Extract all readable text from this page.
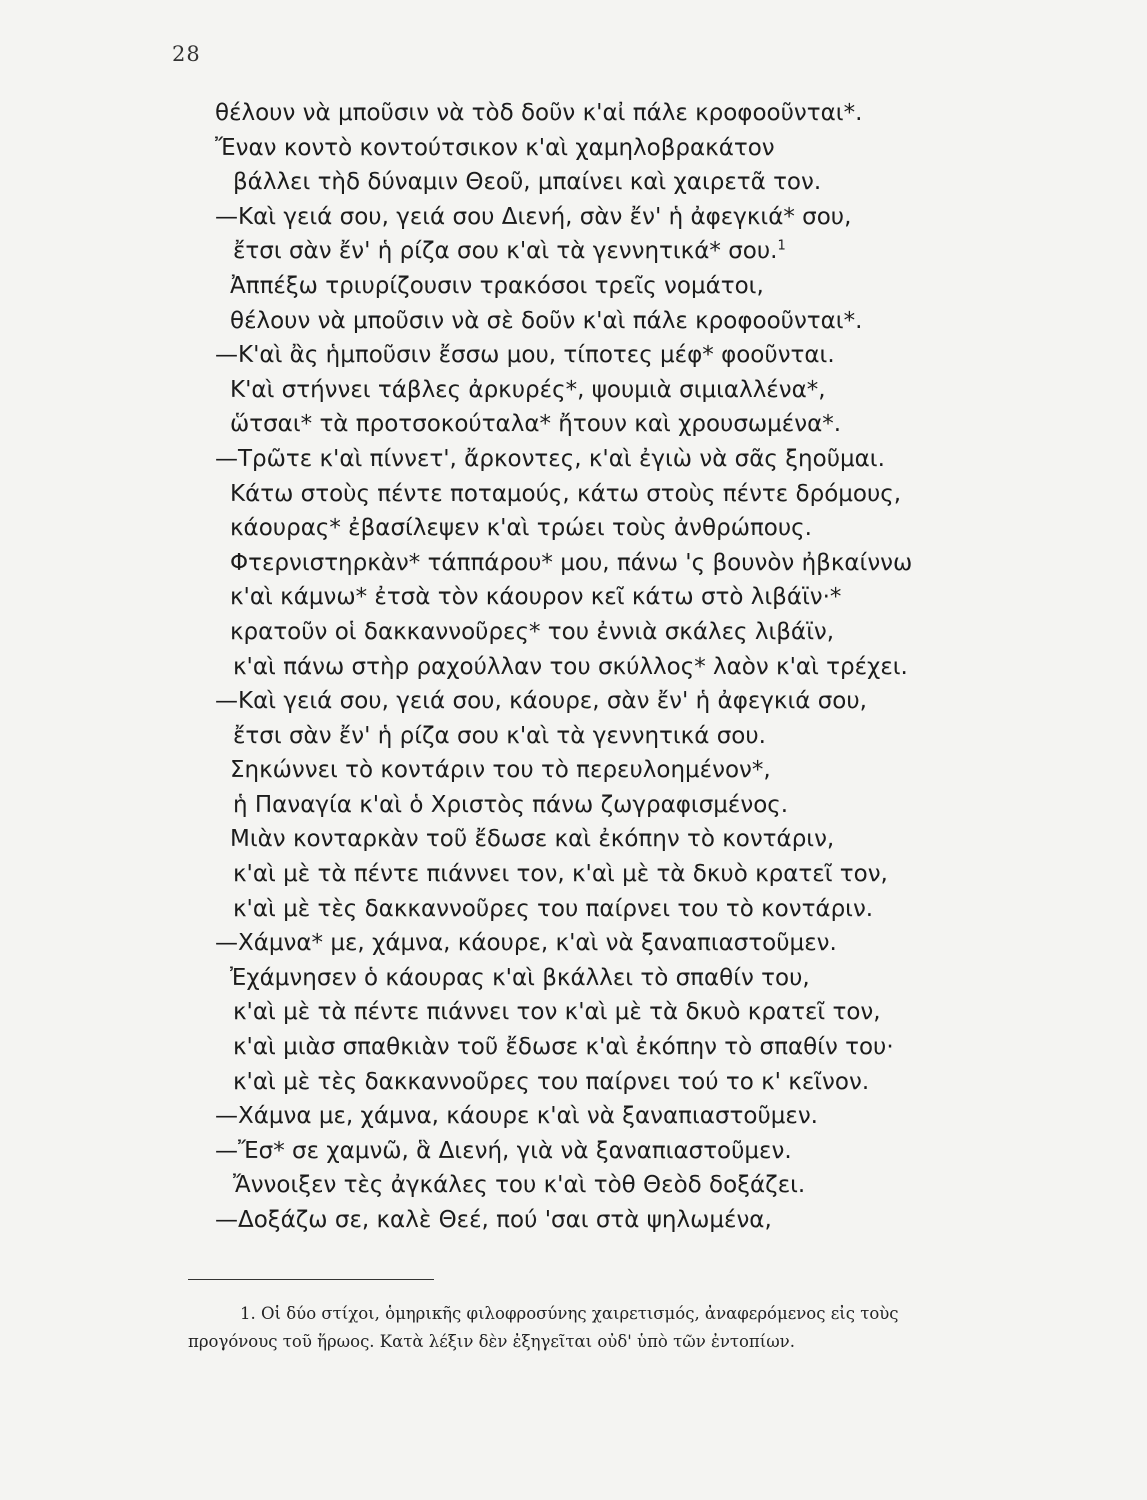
28
θέλουν νὰ μποῦσιν νὰ τὸδ δοῦν κ'αἰ πάλε κροφοοῦνται*.
Ἔναν κοντὸ κοντούτσικον κ'αὶ χαμηλοβρακάτον
βάλλει τὴδ δύναμιν Θεοῦ, μπαίνει καὶ χαιρετᾶ τον.
—Καὶ γειά σου, γειά σου Διενή, σὰν ἔν' ἡ ἀφεγκιά* σου,
ἔτσι σὰν ἔν' ἡ ρίζα σου κ'αὶ τὰ γεννητικά* σου.$^1$
Ἀππέξω τριυρίζουσιν τρακόσοι τρεῖς νομάτοι,
θέλουν νὰ μποῦσιν νὰ σὲ δοῦν κ'αὶ πάλε κροφοοῦνται*.
—Κ'αὶ ἂς ἡμποῦσιν ἔσσω μου, τίποτες μέφ* φοοῦνται.
Κ'αὶ στήννει τάβλες ἀρκυρές*, ψουμιὰ σιμιαλλένα*,
ὥτσαι* τὰ προτσοκούταλα* ἤτουν καὶ χρουσωμένα*.
—Τρῶτε κ'αὶ πίννετ', ἄρκοντες, κ'αὶ ἐγιὼ νὰ σᾶς ξηοῦμαι.
Κάτω στοὺς πέντε ποταμούς, κάτω στοὺς πέντε δρόμους,
κάουρας* ἐβασίλεψεν κ'αὶ τρώει τοὺς ἀνθρώπους.
Φτερνιστηρκὰν* τάππάρου* μου, πάνω 'ς βουνὸν ἠβκαίννω
κ'αὶ κάμνω* ἐτσὰ τὸν κάουρον κεῖ κάτω στὸ λιβάϊν·*
κρατοῦν οἱ δακκαννοῦρες* του ἐννιὰ σκάλες λιβάϊν,
κ'αὶ πάνω στὴρ ραχούλλαν του σκύλλος* λαὸν κ'αὶ τρέχει.
—Καὶ γειά σου, γειά σου, κάουρε, σὰν ἔν' ἡ ἀφεγκιά σου,
ἔτσι σὰν ἔν' ἡ ρίζα σου κ'αὶ τὰ γεννητικά σου.
Σηκώννει τὸ κοντάριν του τὸ περευλοημένον*,
ἡ Παναγία κ'αὶ ὁ Χριστὸς πάνω ζωγραφισμένος.
Μιὰν κονταρκὰν τοῦ ἔδωσε καὶ ἐκόπην τὸ κοντάριν,
κ'αὶ μὲ τὰ πέντε πιάννει τον, κ'αὶ μὲ τὰ δκυὸ κρατεῖ τον,
κ'αὶ μὲ τὲς δακκαννοῦρες του παίρνει του τὸ κοντάριν.
—Χάμνα* με, χάμνα, κάουρε, κ'αὶ νὰ ξαναπιαστοῦμεν.
Ἐχάμνησεν ὁ κάουρας κ'αὶ βκάλλει τὸ σπαθίν του,
κ'αὶ μὲ τὰ πέντε πιάννει τον κ'αὶ μὲ τὰ δκυὸ κρατεῖ τον,
κ'αὶ μιὰσ σπαθκιὰν τοῦ ἔδωσε κ'αὶ ἐκόπην τὸ σπαθίν του·
κ'αὶ μὲ τὲς δακκαννοῦρες του παίρνει τού το κ' κεῖνον.
—Χάμνα με, χάμνα, κάουρε κ'αὶ νὰ ξαναπιαστοῦμεν.
—Ἔσ* σε χαμνῶ, ἃ Διενή, γιὰ νὰ ξαναπιαστοῦμεν.
Ἄννοιξεν τὲς ἀγκάλες του κ'αὶ τὸθ Θεὸδ δοξάζει.
—Δοξάζω σε, καλὲ Θεέ, πού 'σαι στὰ ψηλωμένα,
1. Οἱ δύο στίχοι, ὁμηρικῆς φιλοφροσύνης χαιρετισμός, ἀναφερόμενος εἰς τοὺς
προγόνους τοῦ ἥρωος. Κατὰ λέξιν δὲν ἐξηγεῖται οὐδ' ὑπὸ τῶν ἐντοπίων.
